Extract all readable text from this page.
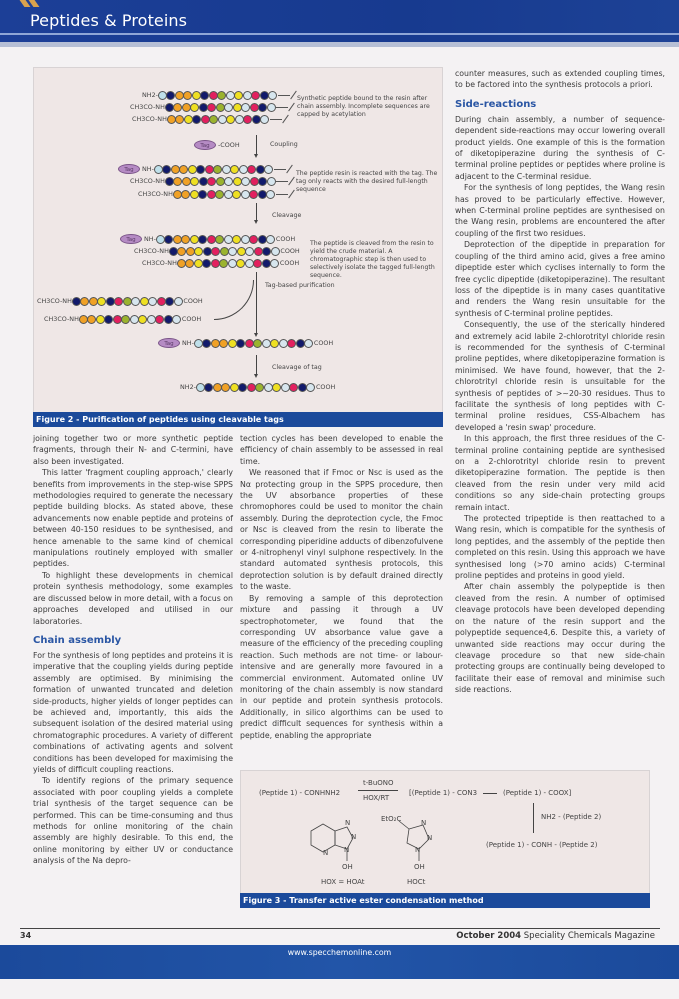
Peptides & Proteins
NH2-
CH3CO-NH
CH3CO-NH
Synthetic peptide bound to the resin after chain assembly. Incomplete sequences are capped by acetylation
Tag	-COOH	Coupling
Tag	NH-
CH3CO-NH
CH3CO-NH
The peptide resin is reacted with the tag. The tag only reacts with the desired full-length sequence
Cleavage
Tag	NH-	COOH
CH3CO-NH	COOH
CH3CO-NH	COOH
The peptide is cleaved from the resin to yield the crude material. A chromatographic step is then used to selectively isolate the tagged full-length sequence.
CH3CO-NH	COOH
CH3CO-NH	COOH
Tag-based purification
Tag	NH-	COOH
Cleavage of tag
NH2-	COOH
Figure 2 - Purification of peptides using cleavable tags

joining together two or more synthetic peptide fragments, through their N- and C-termini, have also been investigated.

This latter 'fragment coupling approach,' clearly benefits from improvements in the step-wise SPPS methodologies required to generate the necessary peptide building blocks. As stated above, these advancements now enable peptide and proteins of between 40-150 residues to be synthesised, and hence amenable to the same kind of chemical manipulations routinely employed with smaller peptides.

To highlight these developments in chemical protein synthesis methodology, some examples are discussed below in more detail, with a focus on approaches developed and utilised in our laboratories.

Chain assembly

For the synthesis of long peptides and proteins it is imperative that the coupling yields during peptide assembly are optimised. By minimising the formation of unwanted truncated and deletion side-products, higher yields of longer peptides can be achieved and, importantly, this aids the subsequent isolation of the desired material using chromatographic procedures. A variety of different combinations of activating agents and solvent conditions has been developed for maximising the yields of difficult coupling reactions.

To identify regions of the primary sequence associated with poor coupling yields a complete trial synthesis of the target sequence can be performed. This can be time-consuming and thus methods for online monitoring of the chain assembly are highly desirable. To this end, the online monitoring by either UV or conductance analysis of the Na depro-

tection cycles has been developed to enable the efficiency of chain assembly to be assessed in real time.

We reasoned that if Fmoc or Nsc is used as the Nα protecting group in the SPPS procedure, then the UV absorbance properties of these chromophores could be used to monitor the chain assembly. During the deprotection cycle, the Fmoc or Nsc is cleaved from the resin to liberate the corresponding piperidine adducts of dibenzofulvene or 4-nitrophenyl vinyl sulphone respectively. In the standard automated synthesis protocols, this deprotection solution is by default drained directly to the waste.

By removing a sample of this deprotection mixture and passing it through a UV spectrophotometer, we found that the corresponding UV absorbance value gave a measure of the efficiency of the preceding coupling reaction. Such methods are not time- or labour-intensive and are generally more favoured in a commercial environment. Automated online UV monitoring of the chain assembly is now standard in our peptide and protein synthesis protocols. Additionally, in silico algorthims can be used to predict difficult sequences for synthesis within a peptide, enabling the appropriate

counter measures, such as extended coupling times, to be factored into the synthesis protocols a priori.

Side-reactions

During chain assembly, a number of sequence-dependent side-reactions may occur lowering overall product yields. One example of this is the formation of diketopiperazine during the synthesis of C-terminal proline peptides or peptides where proline is adjacent to the C-terminal residue.

For the synthesis of long peptides, the Wang resin has proved to be particularly effective. However, when C-terminal proline peptides are synthesised on the Wang resin, problems are encountered the after coupling of the first two residues.

Deprotection of the dipeptide in preparation for coupling of the third amino acid, gives a free amino dipeptide ester which cyclises internally to form the free cyclic dipeptide (diketopiperazine). The resultant loss of the dipeptide is in many cases quantitative and renders the Wang resin unsuitable for the synthesis of C-terminal proline peptides.

Consequently, the use of the sterically hindered and extremely acid labile 2-chlorotrityl chloride resin is recommended for the synthesis of C-terminal proline peptides, where diketopiperazine formation is minimised. We have found, however, that the 2-chlorotrityl chloride resin is unsuitable for the synthesis of peptides of >~20-30 residues. Thus to facilitate the synthesis of long peptides with C-terminal proline residues, CSS-Albachem has developed a 'resin swap' procedure.

In this approach, the first three residues of the C-terminal proline containing peptide are synthesised on a 2-chlorotrityl chloride resin to prevent diketopiperazine formation. The peptide is then cleaved from the resin under very mild acid conditions so any side-chain protecting groups remain intact.

The protected tripeptide is then reattached to a Wang resin, which is compatible for the synthesis of long peptides, and the assembly of the peptide then completed on this resin. Using this approach we have synthesised long (>70 amino acids) C-terminal proline peptides and proteins in good yield.

After chain assembly the polypeptide is then cleaved from the resin. A number of optimised cleavage protocols have been developed depending on the nature of the resin support and the polypeptide sequence4,6. Despite this, a variety of unwanted side reactions may occur during the cleavage procedure so that new side-chain protecting groups are continually being developed to facilitate their ease of removal and minimise such side reactions.

(Peptide 1) - CONHNH2
t-BuONO
HOX/RT
[(Peptide 1) - CON3	(Peptide 1) - COOX]
NH2 - (Peptide 2)
(Peptide 1) - CONH - (Peptide 2)
N
N
N
N
OH
EtO₂C	N
N
N
OH
HOX = HOAt	HOCt
Figure 3 - Transfer active ester condensation method
34	October 2004 Speciality Chemicals Magazine
www.specchemonline.com
